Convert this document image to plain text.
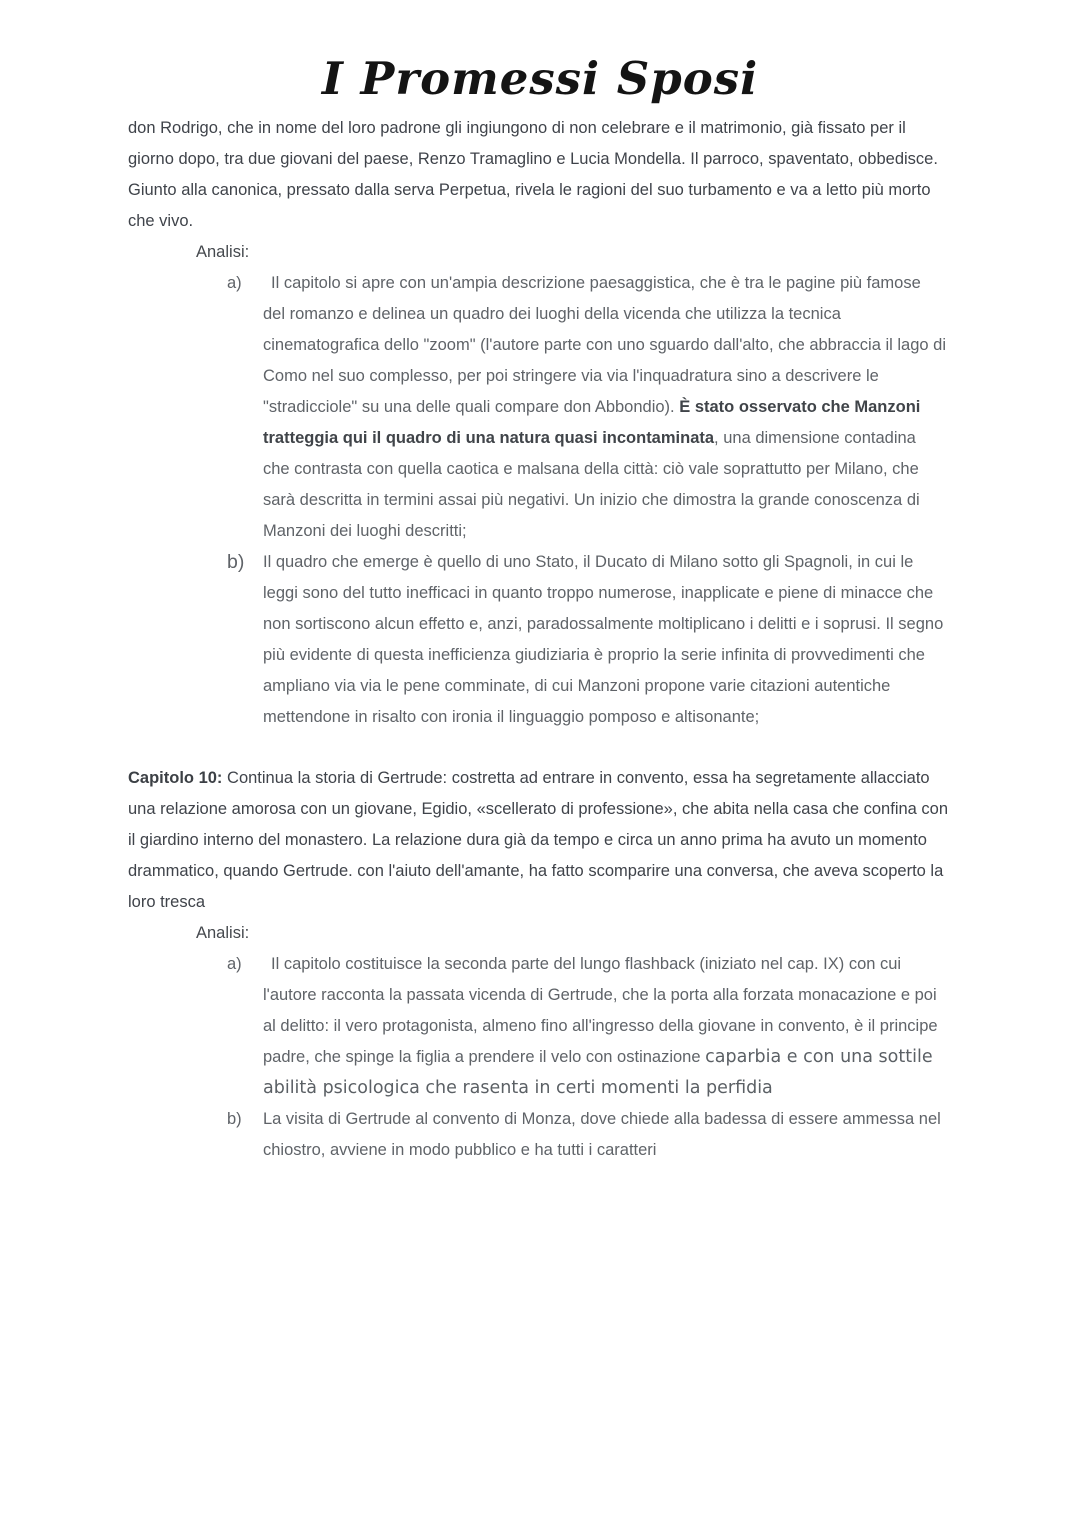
I Promessi Sposi

don Rodrigo, che in nome del loro padrone gli ingiungono di non celebrare e il matrimonio, già fissato per il giorno dopo, tra due giovani del paese, Renzo Tramaglino e Lucia Mondella. Il parroco, spaventato, obbedisce. Giunto alla canonica, pressato dalla serva Perpetua, rivela le ragioni del suo turbamento e va a letto più morto che vivo.

Analisi:
a)	Il capitolo si apre con un'ampia descrizione paesaggistica, che è tra le pagine più famose del romanzo e delinea un quadro dei luoghi della vicenda che utilizza la tecnica cinematografica dello "zoom" (l'autore parte con uno sguardo dall'alto, che abbraccia il lago di Como nel suo complesso, per poi stringere via via l'inquadratura sino a descrivere le "stradicciole" su una delle quali compare don Abbondio). È stato osservato che Manzoni tratteggia qui il quadro di una natura quasi incontaminata, una dimensione contadina che contrasta con quella caotica e malsana della città: ciò vale soprattutto per Milano, che sarà descritta in termini assai più negativi. Un inizio che dimostra la grande conoscenza di Manzoni dei luoghi descritti;
b)	Il quadro che emerge è quello di uno Stato, il Ducato di Milano sotto gli Spagnoli, in cui le leggi sono del tutto inefficaci in quanto troppo numerose, inapplicate e piene di minacce che non sortiscono alcun effetto e, anzi, paradossalmente moltiplicano i delitti e i soprusi. Il segno più evidente di questa inefficienza giudiziaria è proprio la serie infinita di provvedimenti che ampliano via via le pene comminate, di cui Manzoni propone varie citazioni autentiche mettendone in risalto con ironia il linguaggio pomposo e altisonante;

Capitolo 10: Continua la storia di Gertrude: costretta ad entrare in convento, essa ha segretamente allacciato una relazione amorosa con un giovane, Egidio, «scellerato di professione», che abita nella casa che confina con il giardino interno del monastero. La relazione dura già da tempo e circa un anno prima ha avuto un momento drammatico, quando Gertrude. con l'aiuto dell'amante, ha fatto scomparire una conversa, che aveva scoperto la loro tresca

Analisi:
a)	Il capitolo costituisce la seconda parte del lungo flashback (iniziato nel cap. IX) con cui l'autore racconta la passata vicenda di Gertrude, che la porta alla forzata monacazione e poi al delitto: il vero protagonista, almeno fino all'ingresso della giovane in convento, è il principe padre, che spinge la figlia a prendere il velo con ostinazione caparbia e con una sottile abilità psicologica che rasenta in certi momenti la perfidia
b)	La visita di Gertrude al convento di Monza, dove chiede alla badessa di essere ammessa nel chiostro, avviene in modo pubblico e ha tutti i caratteri
